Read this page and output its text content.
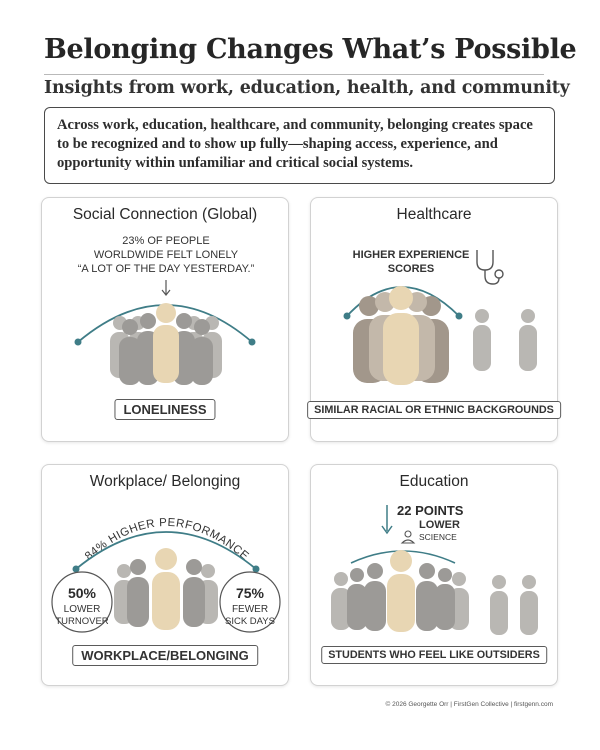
Belonging Changes What’s Possible
Insights from work, education, health, and community
Across work, education, healthcare, and community, belonging creates space to be recognized and to show up fully—shaping access, experience, and opportunity within unfamiliar and critical social systems.
Social Connection (Global)
23% OF PEOPLE
WORLDWIDE FELT LONELY
“A LOT OF THE DAY YESTERDAY.”
LONELINESS
Healthcare
HIGHER EXPERIENCE
SCORES
SIMILAR RACIAL OR ETHNIC BACKGROUNDS
Workplace/ Belonging
84% HIGHER PERFORMANCE
50%
LOWER
TURNOVER
75%
FEWER
SICK DAYS
WORKPLACE/BELONGING
Education
22 POINTS
LOWER
SCIENCE
STUDENTS WHO FEEL LIKE OUTSIDERS
© 2026 Georgette Orr | FirstGen Collective | firstgenn.com
